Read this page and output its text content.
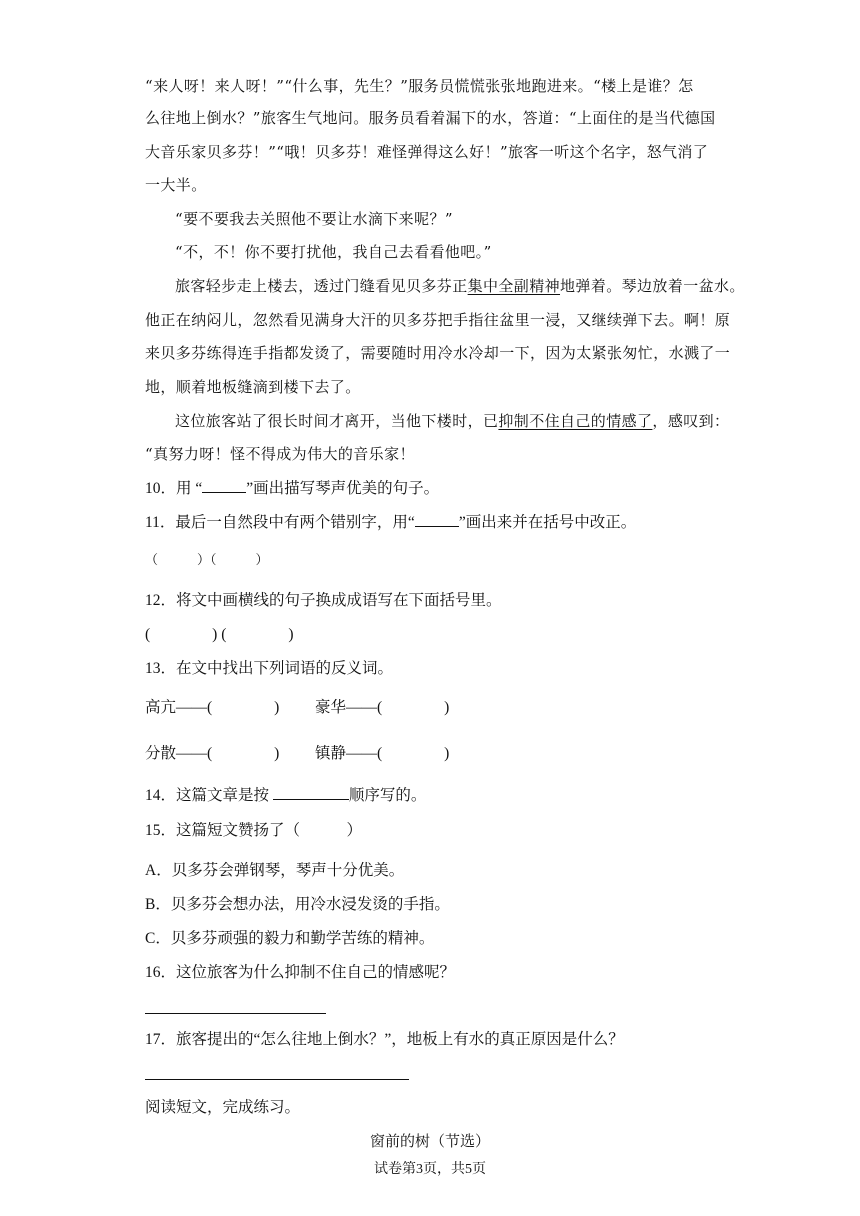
“来人呀！来人呀！”“什么事，先生？”服务员慌慌张张地跑进来。“楼上是谁？怎
么往地上倒水？”旅客生气地问。服务员看着漏下的水，答道：“上面住的是当代德国
大音乐家贝多芬！”“哦！贝多芬！难怪弹得这么好！”旅客一听这个名字，怒气消了
一大半。
“要不要我去关照他不要让水滴下来呢？”
“不，不！你不要打扰他，我自己去看看他吧。”
旅客轻步走上楼去，透过门缝看见贝多芬正集中全副精神地弹着。琴边放着一盆水。
他正在纳闷儿，忽然看见满身大汗的贝多芬把手指往盆里一浸，又继续弹下去。啊！原
来贝多芬练得连手指都发烫了，需要随时用冷水冷却一下，因为太紧张匆忙，水溅了一
地，顺着地板缝滴到楼下去了。
这位旅客站了很长时间才离开，当他下楼时，已抑制不住自己的情感了，感叹到：
“真努力呀！怪不得成为伟大的音乐家！
10．用 “	”画出描写琴声优美的句子。
11．最后一自然段中有两个错别字，用“	”画出来并在括号中改正。
（　　　）（　　　）
12．将文中画横线的句子换成成语写在下面括号里。
(　　　　) (　　　　)
13．在文中找出下列词语的反义词。
高亢——(　　　　)	豪华——(　　　　)
分散——(　　　　)	镇静——(　　　　)
14．这篇文章是按	顺序写的。
15．这篇短文赞扬了（　　　）
A．贝多芬会弹钢琴，琴声十分优美。
B．贝多芬会想办法，用冷水浸发烫的手指。
C．贝多芬顽强的毅力和勤学苦练的精神。
16．这位旅客为什么抑制不住自己的情感呢？
17．旅客提出的“怎么往地上倒水？”，地板上有水的真正原因是什么？
阅读短文，完成练习。
窗前的树（节选）
试卷第3页，共5页
